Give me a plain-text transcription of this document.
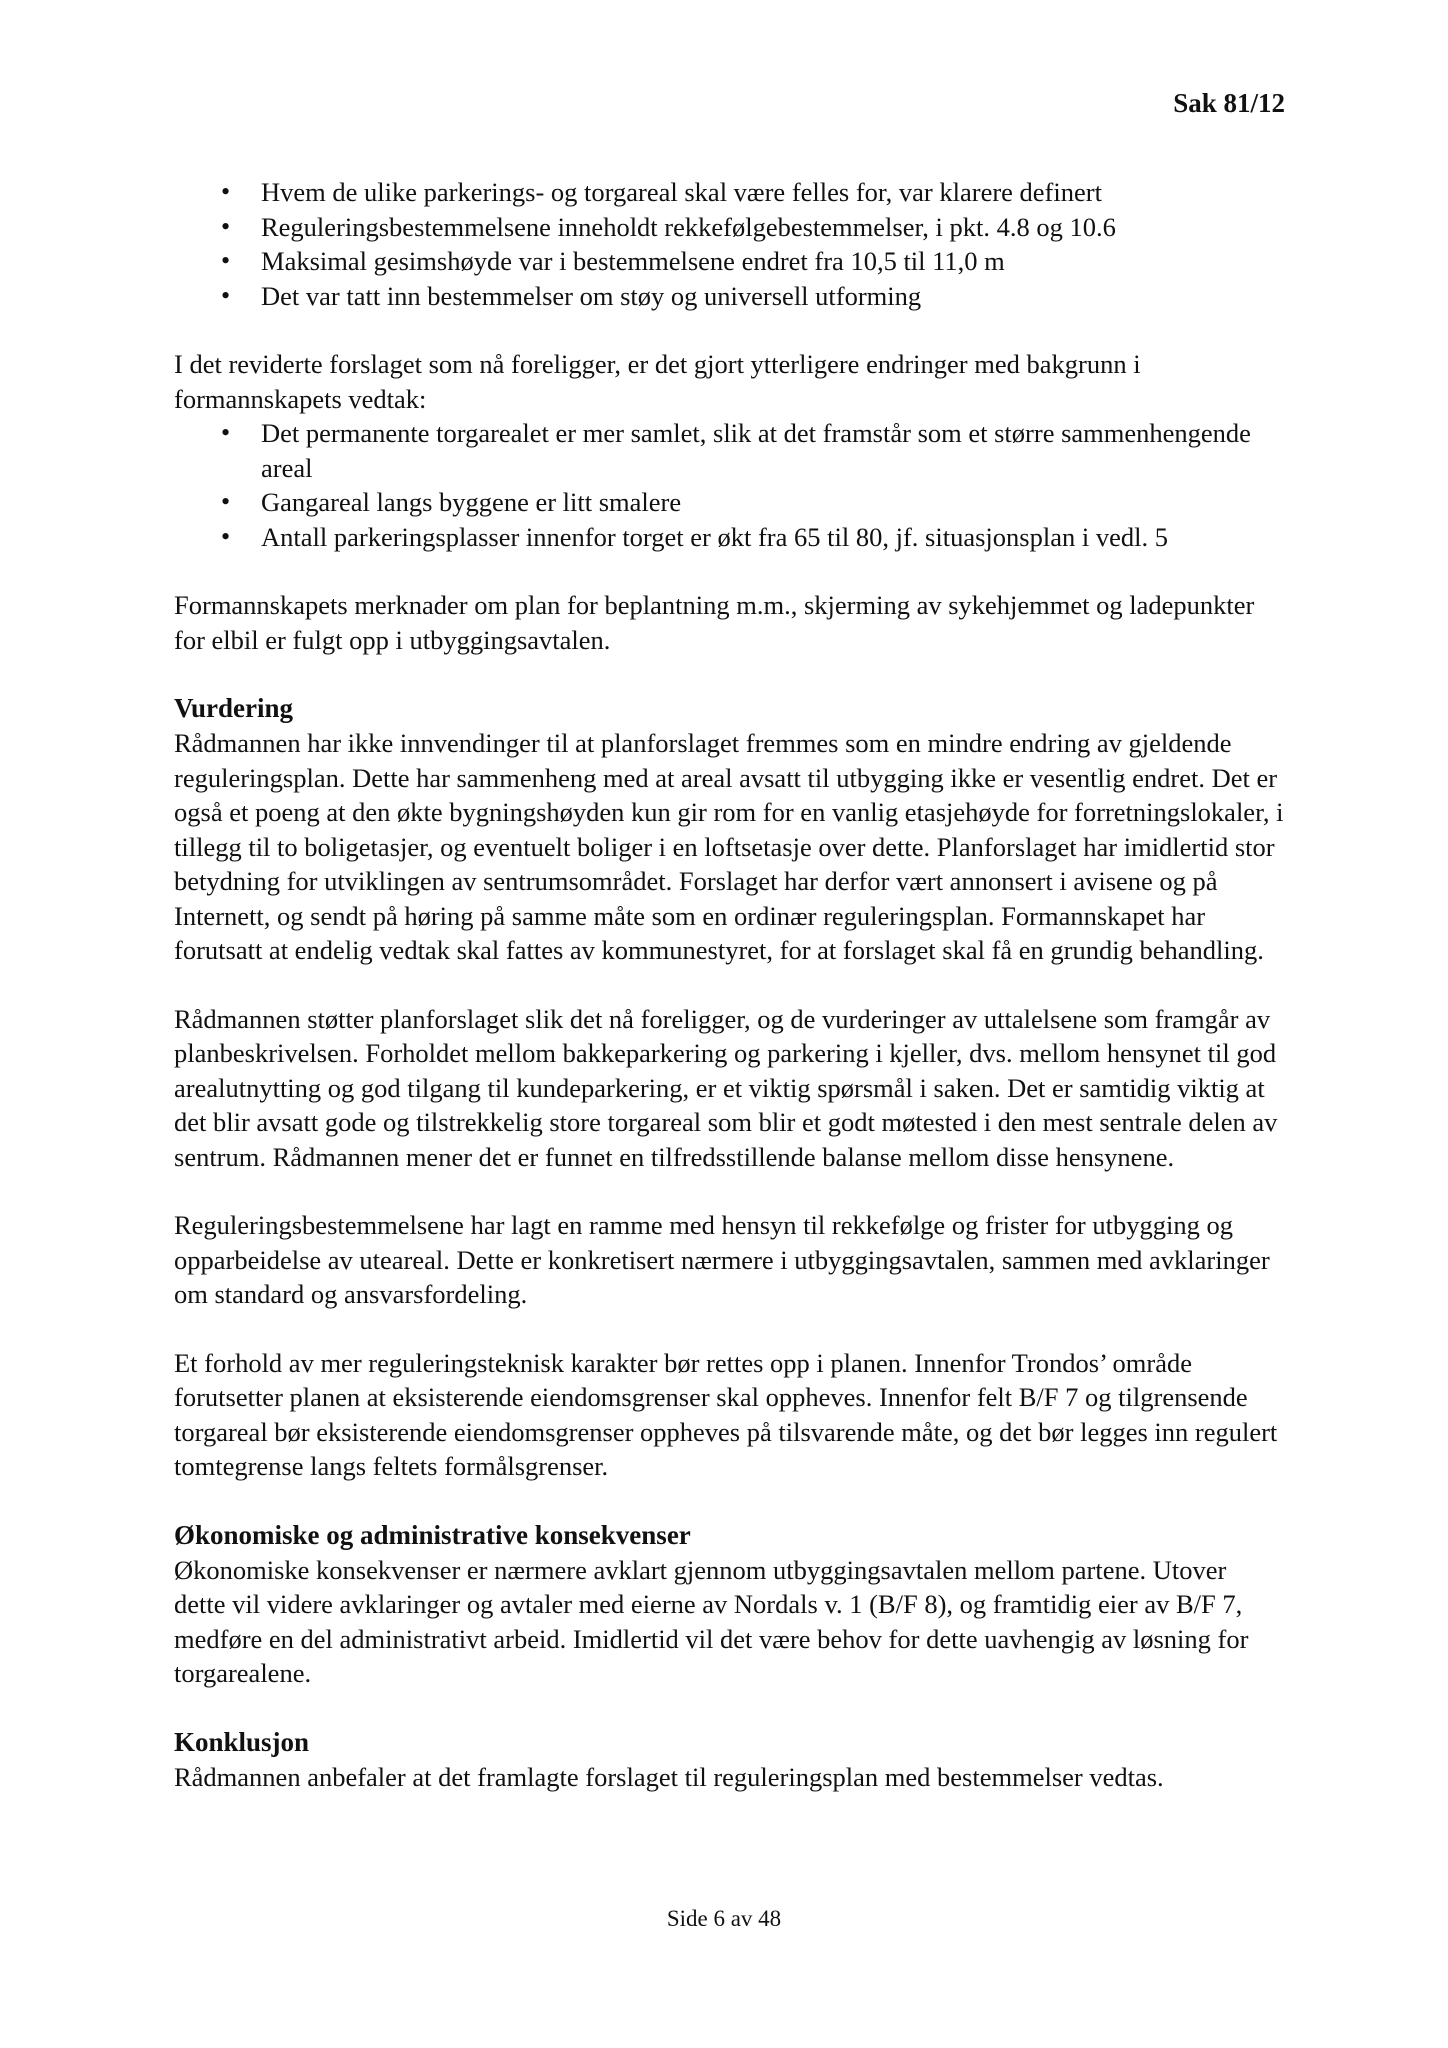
Sak 81/12
• Hvem de ulike parkerings- og torgareal skal være felles for, var klarere definert
• Reguleringsbestemmelsene inneholdt rekkefølgebestemmelser, i pkt. 4.8 og 10.6
• Maksimal gesimshøyde var i bestemmelsene endret fra 10,5 til 11,0 m
• Det var tatt inn bestemmelser om støy og universell utforming

I det reviderte forslaget som nå foreligger, er det gjort ytterligere endringer med bakgrunn i formannskapets vedtak:

• Det permanente torgarealet er mer samlet, slik at det framstår som et større sammenhengende areal
• Gangareal langs byggene er litt smalere
• Antall parkeringsplasser innenfor torget er økt fra 65 til 80, jf. situasjonsplan i vedl. 5

Formannskapets merknader om plan for beplantning m.m., skjerming av sykehjemmet og ladepunkter for elbil er fulgt opp i utbyggingsavtalen.

Vurdering

Rådmannen har ikke innvendinger til at planforslaget fremmes som en mindre endring av gjeldende reguleringsplan. Dette har sammenheng med at areal avsatt til utbygging ikke er vesentlig endret. Det er også et poeng at den økte bygningshøyden kun gir rom for en vanlig etasjehøyde for forretningslokaler, i tillegg til to boligetasjer, og eventuelt boliger i en loftsetasje over dette. Planforslaget har imidlertid stor betydning for utviklingen av sentrumsområdet. Forslaget har derfor vært annonsert i avisene og på Internett, og sendt på høring på samme måte som en ordinær reguleringsplan. Formannskapet har forutsatt at endelig vedtak skal fattes av kommunestyret, for at forslaget skal få en grundig behandling.

Rådmannen støtter planforslaget slik det nå foreligger, og de vurderinger av uttalelsene som framgår av planbeskrivelsen. Forholdet mellom bakkeparkering og parkering i kjeller, dvs. mellom hensynet til god arealutnytting og god tilgang til kundeparkering, er et viktig spørsmål i saken. Det er samtidig viktig at det blir avsatt gode og tilstrekkelig store torgareal som blir et godt møtested i den mest sentrale delen av sentrum. Rådmannen mener det er funnet en tilfredsstillende balanse mellom disse hensynene.

Reguleringsbestemmelsene har lagt en ramme med hensyn til rekkefølge og frister for utbygging og opparbeidelse av uteareal. Dette er konkretisert nærmere i utbyggingsavtalen, sammen med avklaringer om standard og ansvarsfordeling.

Et forhold av mer reguleringsteknisk karakter bør rettes opp i planen. Innenfor Trondos’ område forutsetter planen at eksisterende eiendomsgrenser skal oppheves. Innenfor felt B/F 7 og tilgrensende torgareal bør eksisterende eiendomsgrenser oppheves på tilsvarende måte, og det bør legges inn regulert tomtegrense langs feltets formålsgrenser.

Økonomiske og administrative konsekvenser

Økonomiske konsekvenser er nærmere avklart gjennom utbyggingsavtalen mellom partene. Utover dette vil videre avklaringer og avtaler med eierne av Nordals v. 1 (B/F 8), og framtidig eier av B/F 7, medføre en del administrativt arbeid. Imidlertid vil det være behov for dette uavhengig av løsning for torgarealene.

Konklusjon

Rådmannen anbefaler at det framlagte forslaget til reguleringsplan med bestemmelser vedtas.

Side 6 av 48
